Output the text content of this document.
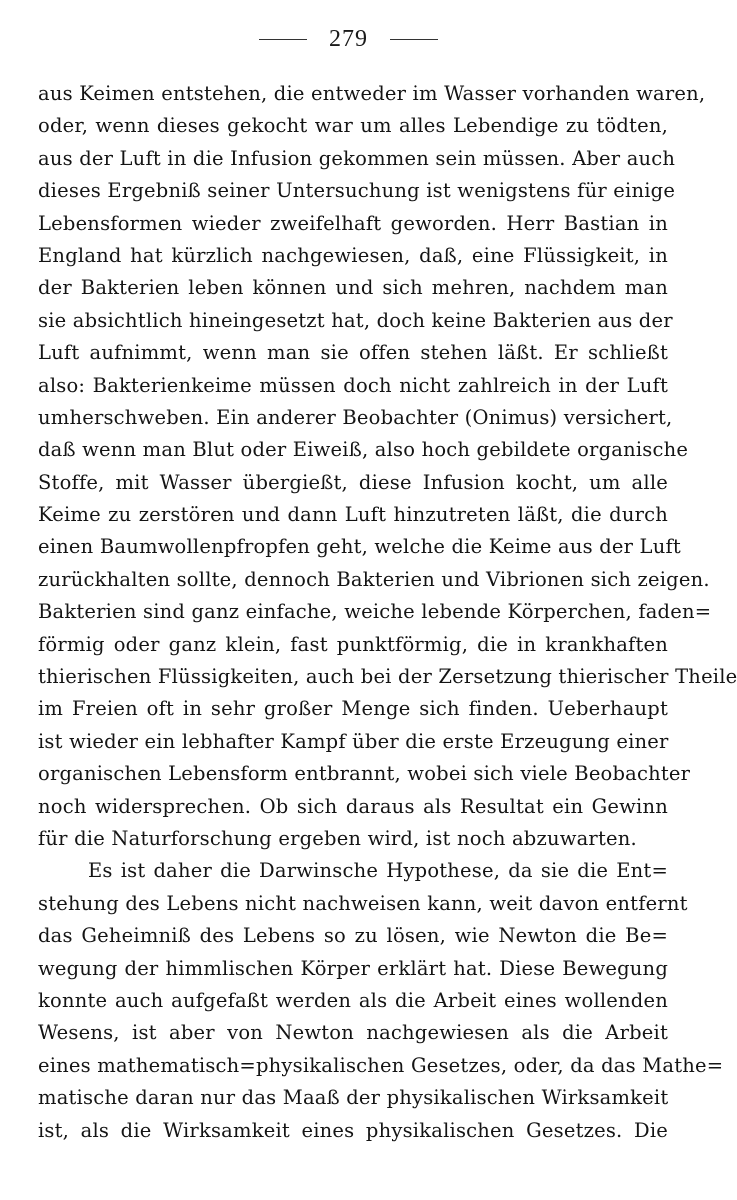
279
aus Keimen entstehen, die entweder im Wasser vorhanden waren,
oder, wenn dieses gekocht war um alles Lebendige zu tödten,
aus der Luft in die Infusion gekommen sein müssen. Aber auch
dieses Ergebniß seiner Untersuchung ist wenigstens für einige
Lebensformen wieder zweifelhaft geworden. Herr Bastian in
England hat kürzlich nachgewiesen, daß, eine Flüssigkeit, in
der Bakterien leben können und sich mehren, nachdem man
sie absichtlich hineingesetzt hat, doch keine Bakterien aus der
Luft aufnimmt, wenn man sie offen stehen läßt. Er schließt
also: Bakterienkeime müssen doch nicht zahlreich in der Luft
umherschweben. Ein anderer Beobachter (Onimus) versichert,
daß wenn man Blut oder Eiweiß, also hoch gebildete organische
Stoffe, mit Wasser übergießt, diese Infusion kocht, um alle
Keime zu zerstören und dann Luft hinzutreten läßt, die durch
einen Baumwollenpfropfen geht, welche die Keime aus der Luft
zurückhalten sollte, dennoch Bakterien und Vibrionen sich zeigen.
Bakterien sind ganz einfache, weiche lebende Körperchen, faden=
förmig oder ganz klein, fast punktförmig, die in krankhaften
thierischen Flüssigkeiten, auch bei der Zersetzung thierischer Theile
im Freien oft in sehr großer Menge sich finden. Ueberhaupt
ist wieder ein lebhafter Kampf über die erste Erzeugung einer
organischen Lebensform entbrannt, wobei sich viele Beobachter
noch widersprechen. Ob sich daraus als Resultat ein Gewinn
für die Naturforschung ergeben wird, ist noch abzuwarten.
Es ist daher die Darwinsche Hypothese, da sie die Ent=
stehung des Lebens nicht nachweisen kann, weit davon entfernt
das Geheimniß des Lebens so zu lösen, wie Newton die Be=
wegung der himmlischen Körper erklärt hat. Diese Bewegung
konnte auch aufgefaßt werden als die Arbeit eines wollenden
Wesens, ist aber von Newton nachgewiesen als die Arbeit
eines mathematisch=physikalischen Gesetzes, oder, da das Mathe=
matische daran nur das Maaß der physikalischen Wirksamkeit
ist, als die Wirksamkeit eines physikalischen Gesetzes. Die
